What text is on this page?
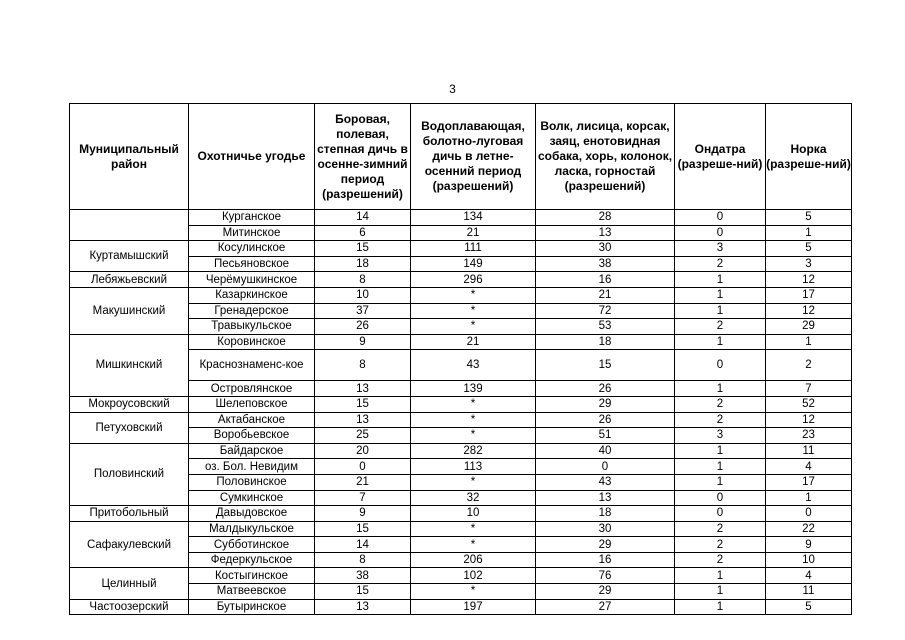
3
Муниципальный район	Охотничье угодье	Боровая, полевая, степная дичь в осенне-зимний период (разрешений)	Водоплавающая, болотно-луговая дичь в летне-осенний период (разрешений)	Волк, лисица, корсак, заяц, енотовидная собака, хорь, колонок, ласка, горностай (разрешений)	Ондатра (разреше-ний)	Норка (разреше-ний)
	Курганское	14	134	28	0	5
	Митинское	6	21	13	0	1
Куртамышский	Косулинское	15	111	30	3	5
	Песьяновское	18	149	38	2	3
Лебяжьевский	Черёмушкинское	8	296	16	1	12
Макушинский	Казаркинское	10	*	21	1	17
	Гренадерское	37	*	72	1	12
	Травыкульское	26	*	53	2	29
Мишкинский	Коровинское	9	21	18	1	1
	Краснознаменс-кое	8	43	15	0	2
	Островлянское	13	139	26	1	7
Мокроусовский	Шелеповское	15	*	29	2	52
Петуховский	Актабанское	13	*	26	2	12
	Воробьевское	25	*	51	3	23
Половинский	Байдарское	20	282	40	1	11
	оз. Бол. Невидим	0	113	0	1	4
	Половинское	21	*	43	1	17
	Сумкинское	7	32	13	0	1
Притобольный	Давыдовское	9	10	18	0	0
Сафакулевский	Малдыкульское	15	*	30	2	22
	Субботинское	14	*	29	2	9
	Федеркульское	8	206	16	2	10
Целинный	Костыгинское	38	102	76	1	4
	Матвеевское	15	*	29	1	11
Частоозерский	Бутыринское	13	197	27	1	5
